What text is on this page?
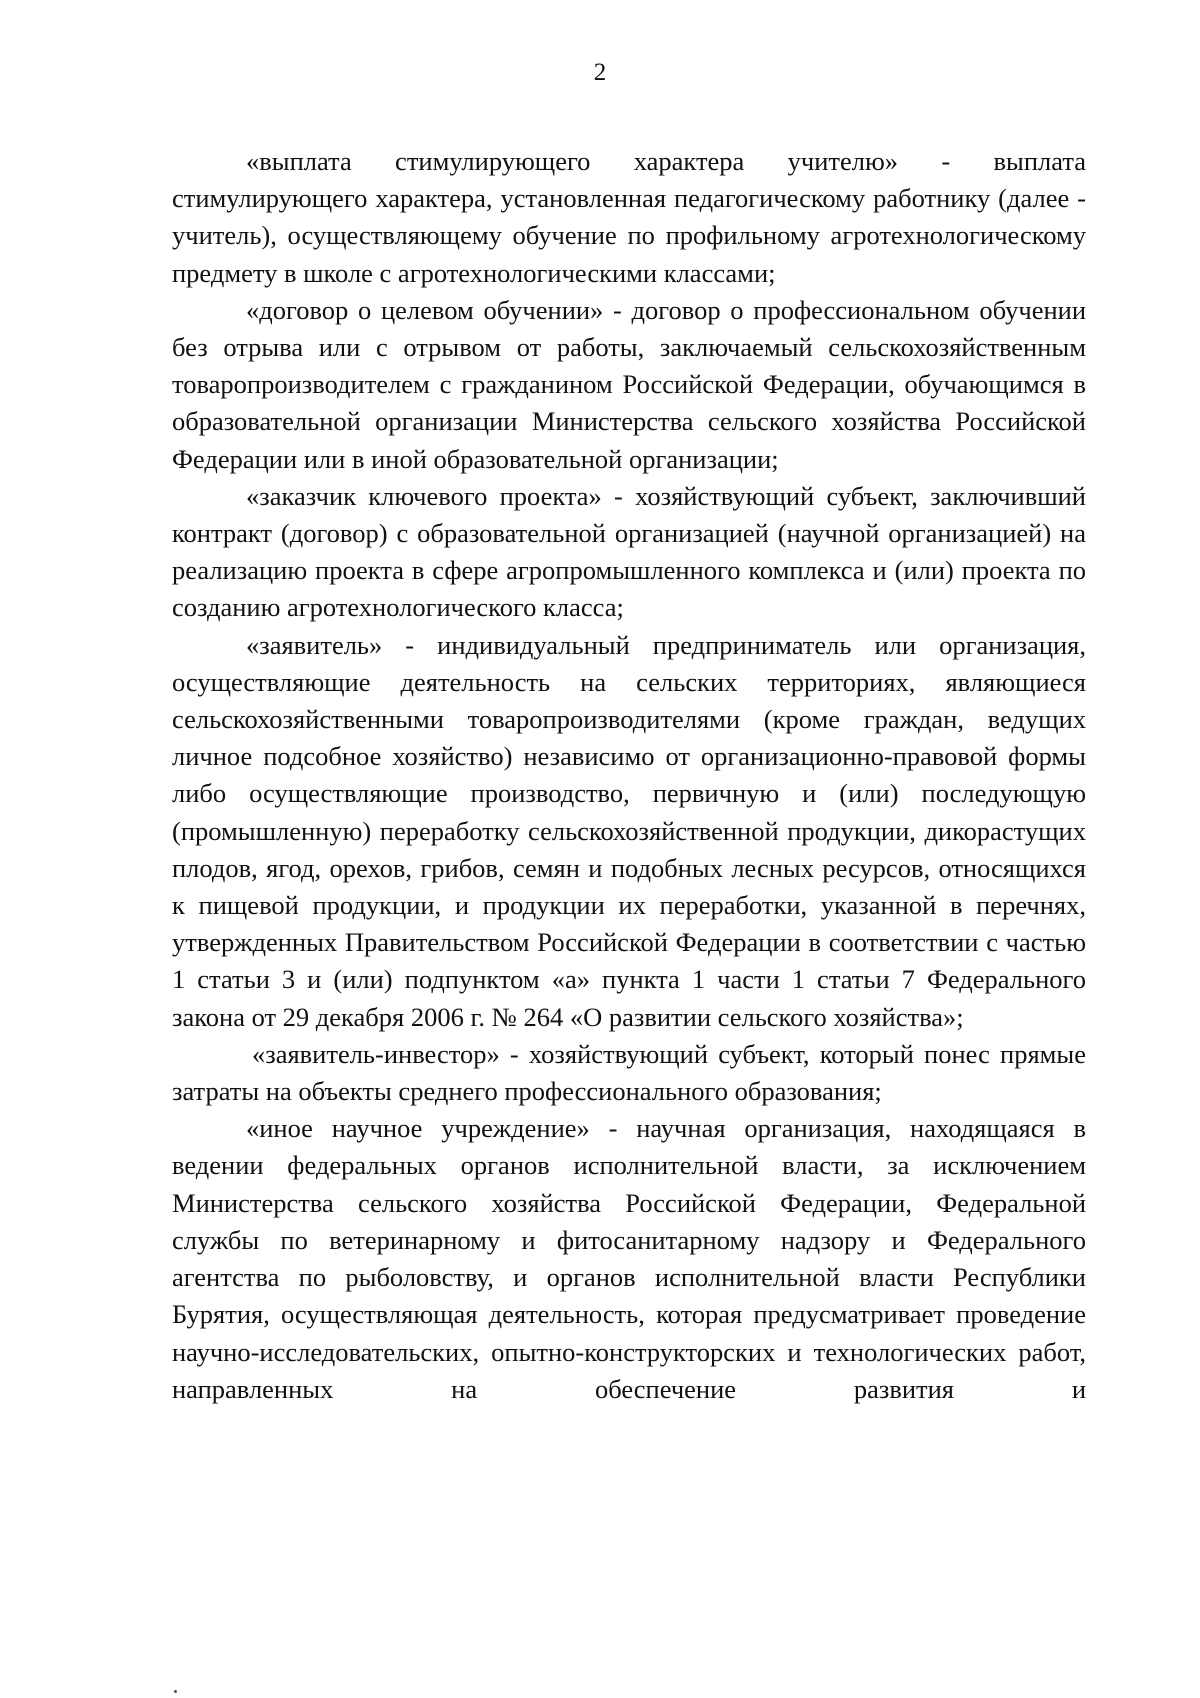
2

«выплата стимулирующего характера учителю» - выплата стимулирующего характера, установленная педагогическому работнику (далее - учитель), осуществляющему обучение по профильному агротехнологическому предмету в школе с агротехнологическими классами;

«договор о целевом обучении» - договор о профессиональном обучении без отрыва или с отрывом от работы, заключаемый сельскохозяйственным товаропроизводителем с гражданином Российской Федерации, обучающимся в образовательной организации Министерства сельского хозяйства Российской Федерации или в иной образовательной организации;

«заказчик ключевого проекта» - хозяйствующий субъект, заключивший контракт (договор) с образовательной организацией (научной организацией) на реализацию проекта в сфере агропромышленного комплекса и (или) проекта по созданию агротехнологического класса;

«заявитель» - индивидуальный предприниматель или организация, осуществляющие деятельность на сельских территориях, являющиеся сельскохозяйственными товаропроизводителями (кроме граждан, ведущих личное подсобное хозяйство) независимо от организационно-правовой формы либо осуществляющие производство, первичную и (или) последующую (промышленную) переработку сельскохозяйственной продукции, дикорастущих плодов, ягод, орехов, грибов, семян и подобных лесных ресурсов, относящихся к пищевой продукции, и продукции их переработки, указанной в перечнях, утвержденных Правительством Российской Федерации в соответствии с частью 1 статьи 3 и (или) подпунктом «а» пункта 1 части 1 статьи 7 Федерального закона от 29 декабря 2006 г. № 264 «О развитии сельского хозяйства»;

«заявитель-инвестор» - хозяйствующий субъект, который понес прямые затраты на объекты среднего профессионального образования;

«иное научное учреждение» - научная организация, находящаяся в ведении федеральных органов исполнительной власти, за исключением Министерства сельского хозяйства Российской Федерации, Федеральной службы по ветеринарному и фитосанитарному надзору и Федерального агентства по рыболовству, и органов исполнительной власти Республики Бурятия, осуществляющая деятельность, которая предусматривает проведение научно-исследовательских, опытно-конструкторских и технологических работ, направленных на обеспечение развития и
